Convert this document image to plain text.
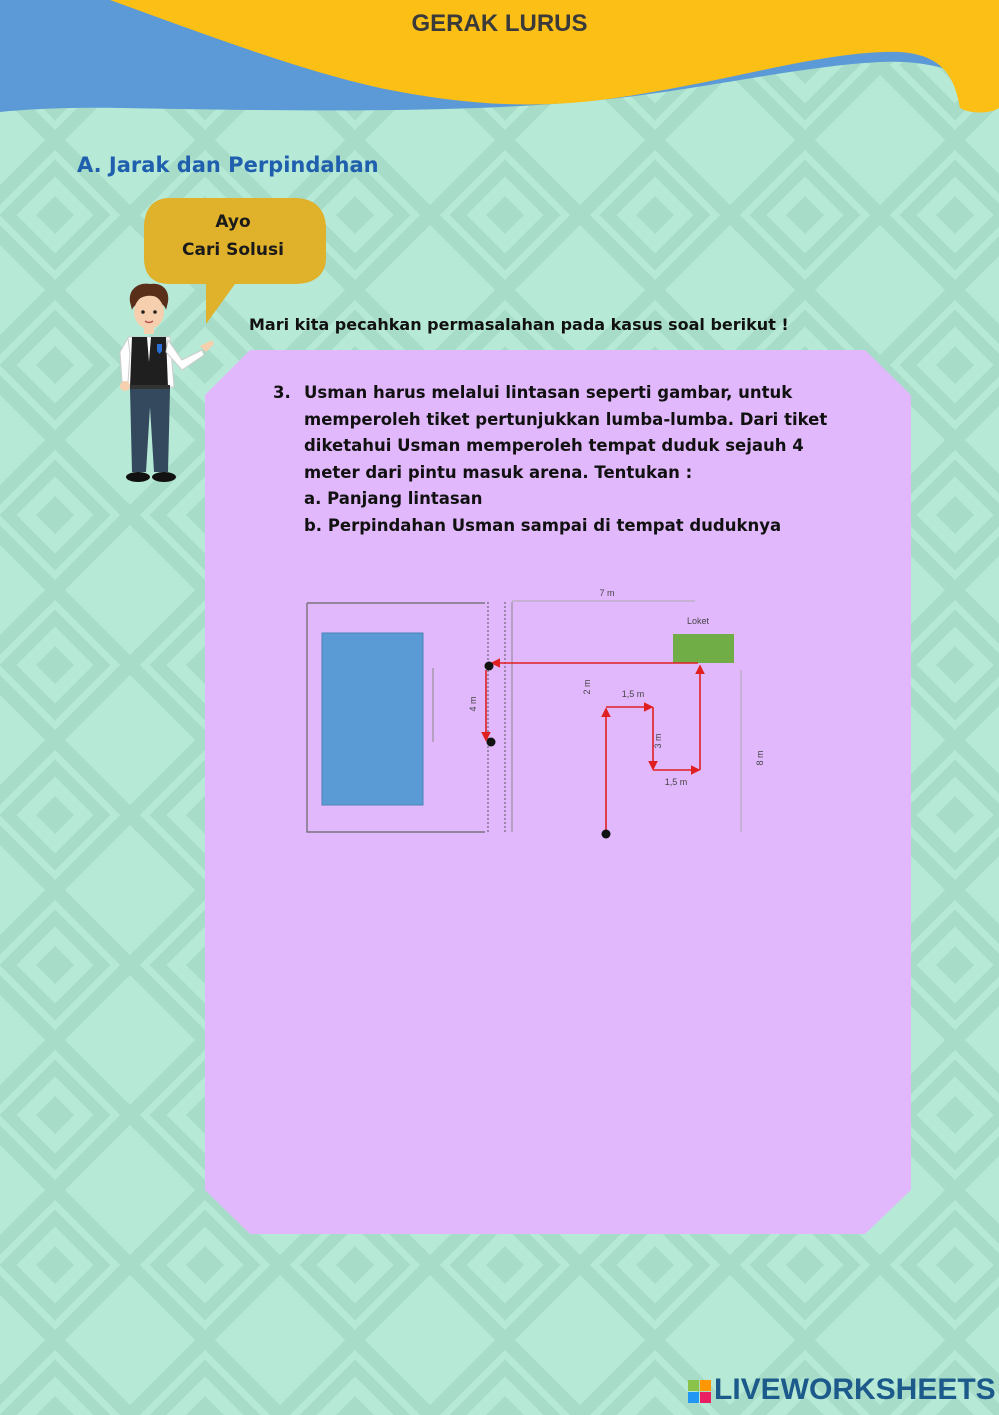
GERAK LURUS
A. Jarak dan Perpindahan
Ayo
Cari Solusi
Mari kita pecahkan permasalahan pada kasus soal berikut !
3. Usman harus melalui lintasan seperti gambar, untuk
memperoleh tiket pertunjukkan lumba-lumba. Dari tiket
diketahui Usman memperoleh tempat duduk sejauh 4
meter dari pintu masuk arena. Tentukan :
a. Panjang lintasan
b. Perpindahan Usman sampai di tempat duduknya
7 m
Loket
8 m
4 m
2 m	1,5 m
3 m
1,5 m
LIVEWORKSHEETS
